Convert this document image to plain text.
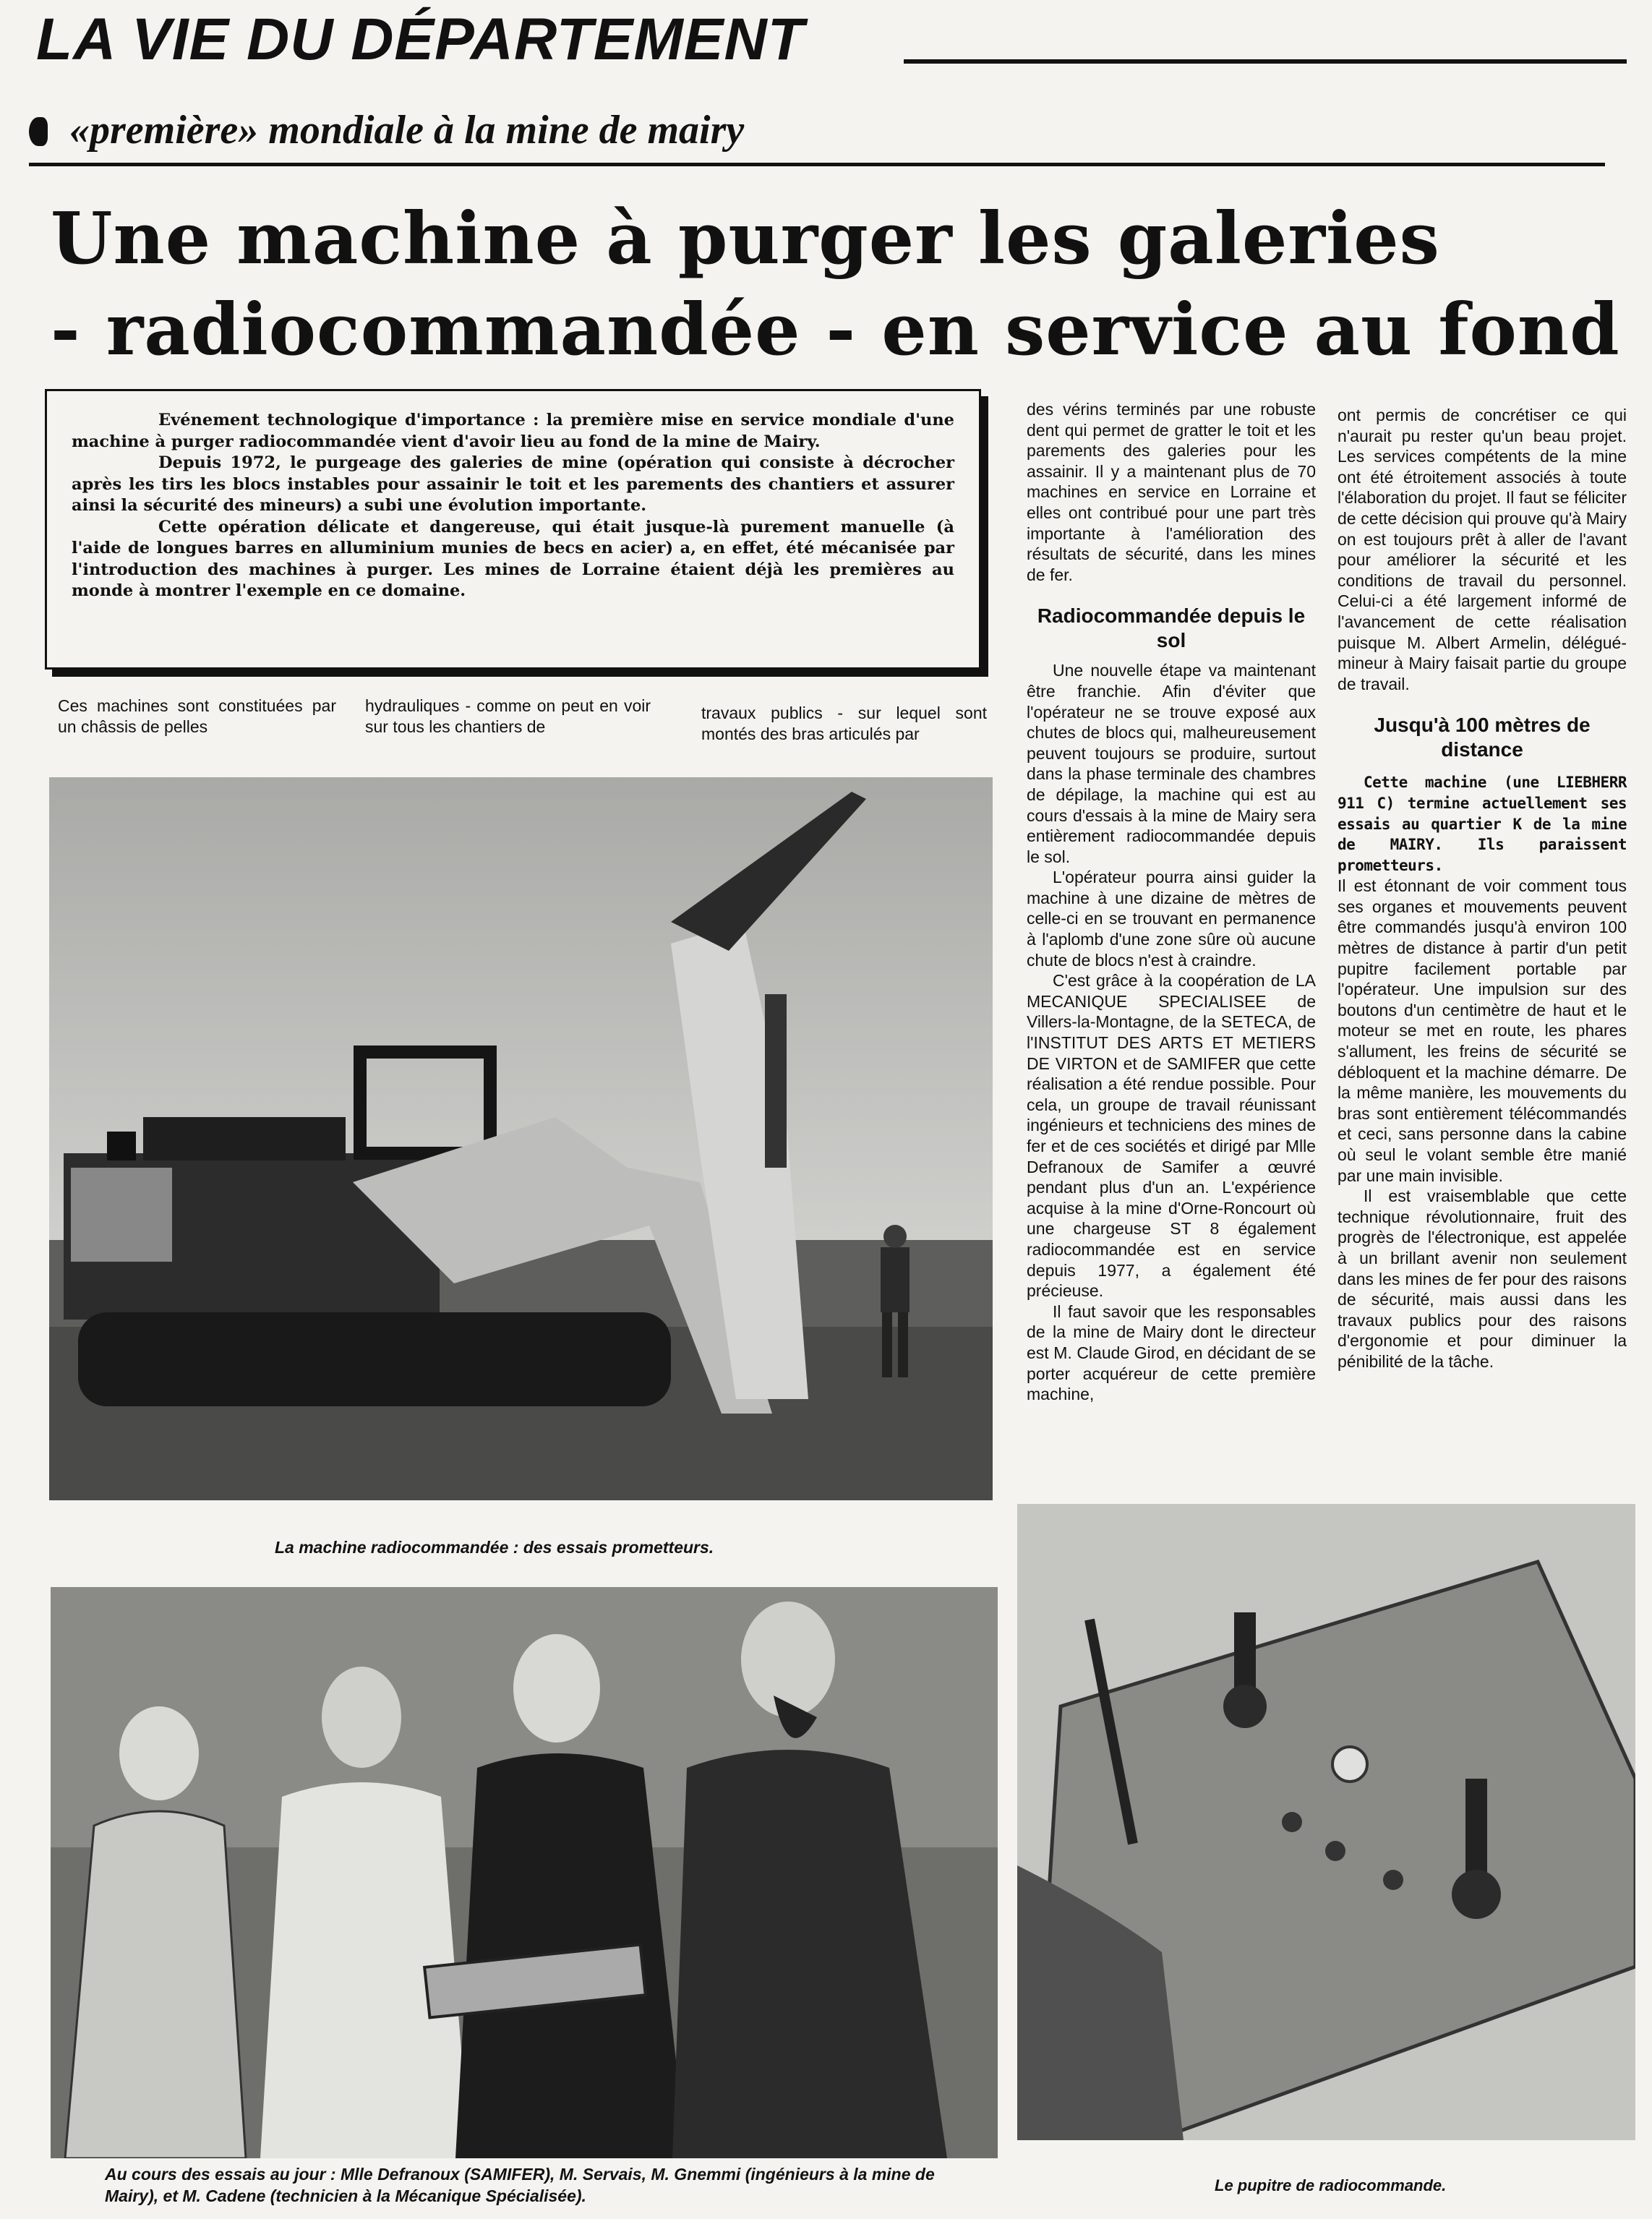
LA VIE DU DÉPARTEMENT
«première» mondiale à la mine de mairy
Une machine à purger les galeries
- radiocommandée - en service au fond

Evénement technologique d'importance : la première mise en service mondiale d'une machine à purger radiocommandée vient d'avoir lieu au fond de la mine de Mairy.

Depuis 1972, le purgeage des galeries de mine (opération qui consiste à décrocher après les tirs les blocs instables pour assainir le toit et les parements des chantiers et assurer ainsi la sécurité des mineurs) a subi une évolution importante.

Cette opération délicate et dangereuse, qui était jusque-là purement manuelle (à l'aide de longues barres en alluminium munies de becs en acier) a, en effet, été mécanisée par l'introduction des machines à purger. Les mines de Lorraine étaient déjà les premières au monde à montrer l'exemple en ce domaine.

Ces machines sont constituées par un châssis de pelles

hydrauliques - comme on peut en voir sur tous les chantiers de

travaux publics - sur lequel sont montés des bras articulés par

La machine radiocommandée : des essais prometteurs.
Au cours des essais au jour : Mlle Defranoux (SAMIFER), M. Servais, M. Gnemmi (ingénieurs à la mine de Mairy), et M. Cadene (technicien à la Mécanique Spécialisée).
Le pupitre de radiocommande.

des vérins terminés par une robuste dent qui permet de gratter le toit et les parements des galeries pour les assainir. Il y a maintenant plus de 70 machines en service en Lorraine et elles ont contribué pour une part très importante à l'amélioration des résultats de sécurité, dans les mines de fer.

Radiocommandée depuis le sol

Une nouvelle étape va maintenant être franchie. Afin d'éviter que l'opérateur ne se trouve exposé aux chutes de blocs qui, malheureusement peuvent toujours se produire, surtout dans la phase terminale des chambres de dépilage, la machine qui est au cours d'essais à la mine de Mairy sera entièrement radiocommandée depuis le sol.

L'opérateur pourra ainsi guider la machine à une dizaine de mètres de celle-ci en se trouvant en permanence à l'aplomb d'une zone sûre où aucune chute de blocs n'est à craindre.

C'est grâce à la coopération de LA MECANIQUE SPECIALISEE de Villers-la-Montagne, de la SETECA, de l'INSTITUT DES ARTS ET METIERS DE VIRTON et de SAMIFER que cette réalisation a été rendue possible. Pour cela, un groupe de travail réunissant ingénieurs et techniciens des mines de fer et de ces sociétés et dirigé par Mlle Defranoux de Samifer a œuvré pendant plus d'un an. L'expérience acquise à la mine d'Orne-Roncourt où une chargeuse ST 8 également radiocommandée est en service depuis 1977, a également été précieuse.

Il faut savoir que les responsables de la mine de Mairy dont le directeur est M. Claude Girod, en décidant de se porter acquéreur de cette première machine,

ont permis de concrétiser ce qui n'aurait pu rester qu'un beau projet. Les services compétents de la mine ont été étroitement associés à toute l'élaboration du projet. Il faut se féliciter de cette décision qui prouve qu'à Mairy on est toujours prêt à aller de l'avant pour améliorer la sécurité et les conditions de travail du personnel. Celui-ci a été largement informé de l'avancement de cette réalisation puisque M. Albert Armelin, délégué-mineur à Mairy faisait partie du groupe de travail.

Jusqu'à 100 mètres de distance

Cette machine (une LIEBHERR 911 C) termine actuellement ses essais au quartier K de la mine de MAIRY. Ils paraissent prometteurs.

Il est étonnant de voir comment tous ses organes et mouvements peuvent être commandés jusqu'à environ 100 mètres de distance à partir d'un petit pupitre facilement portable par l'opérateur. Une impulsion sur des boutons d'un centimètre de haut et le moteur se met en route, les phares s'allument, les freins de sécurité se débloquent et la machine démarre. De la même manière, les mouvements du bras sont entièrement télécommandés et ceci, sans personne dans la cabine où seul le volant semble être manié par une main invisible.

Il est vraisemblable que cette technique révolutionnaire, fruit des progrès de l'électronique, est appelée à un brillant avenir non seulement dans les mines de fer pour des raisons de sécurité, mais aussi dans les travaux publics pour des raisons d'ergonomie et pour diminuer la pénibilité de la tâche.
